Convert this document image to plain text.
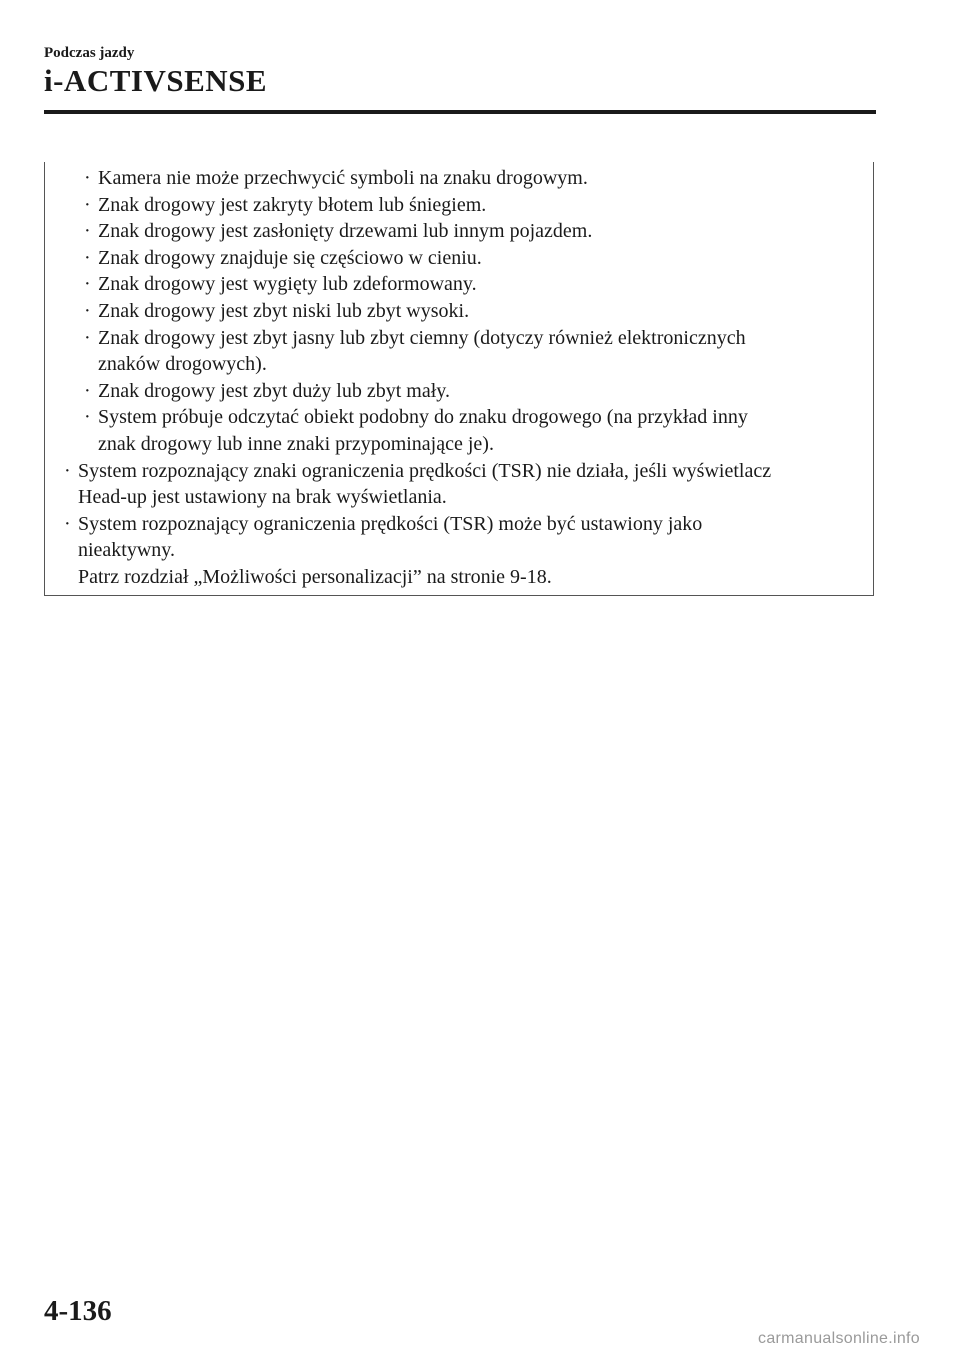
Podczas jazdy
i-ACTIVSENSE
· Kamera nie może przechwycić symboli na znaku drogowym.
· Znak drogowy jest zakryty błotem lub śniegiem.
· Znak drogowy jest zasłonięty drzewami lub innym pojazdem.
· Znak drogowy znajduje się częściowo w cieniu.
· Znak drogowy jest wygięty lub zdeformowany.
· Znak drogowy jest zbyt niski lub zbyt wysoki.
· Znak drogowy jest zbyt jasny lub zbyt ciemny (dotyczy również elektronicznych
znaków drogowych).
· Znak drogowy jest zbyt duży lub zbyt mały.
· System próbuje odczytać obiekt podobny do znaku drogowego (na przykład inny
znak drogowy lub inne znaki przypominające je).
· System rozpoznający znaki ograniczenia prędkości (TSR) nie działa, jeśli wyświetlacz
Head-up jest ustawiony na brak wyświetlania.
· System rozpoznający ograniczenia prędkości (TSR) może być ustawiony jako
nieaktywny.
Patrz rozdział „Możliwości personalizacji” na stronie 9-18.
4-136
carmanualsonline.info
